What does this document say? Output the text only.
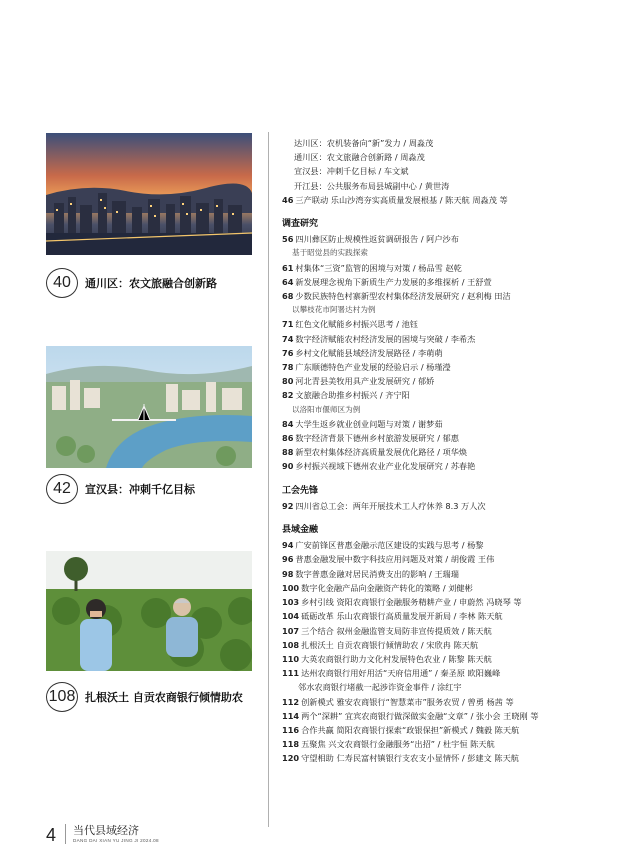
40	通川区：农文旅融合创新路
42	宣汉县：冲刺千亿目标
108 扎根沃土 自贡农商银行倾情助农
达川区：农机装备向“新”发力 / 周淼茂
通川区：农文旅融合创新路 / 周淼茂
宣汉县：冲刺千亿目标 / 车文斌
开江县：公共服务布局县城副中心 / 黄世涛
46 三产联动 乐山沙湾夯实高质量发展根基 / 陈天航 周淼茂 等
调查研究
56 四川彝区防止规模性返贫调研报告 / 阿户沙布
基于昭觉县的实践探索
61 村集体“三资”监管的困境与对策 / 杨品雪 赵乾
64 新发展理念视角下新质生产力发展的多维探析 / 王舒萱
68 少数民族特色村寨新型农村集体经济发展研究 / 赵利梅 田洁
以攀枝花市阿署达村为例
71 红色文化赋能乡村振兴思考 / 池钰
74 数字经济赋能农村经济发展的困境与突破 / 李希杰
76 乡村文化赋能县域经济发展路径 / 李萌萌
78 广东顺德特色产业发展的经验启示 / 杨瑾瀅
80 河北青县美牧用具产业发展研究 / 郁娇
82 文旅融合助推乡村振兴 / 齐宁阳
以洛阳市偃师区为例
84 大学生返乡就业创业问题与对策 / 谢梦茹
86 数字经济背景下德州乡村旅游发展研究 / 郁惠
88 新型农村集体经济高质量发展优化路径 / 项华焕
90 乡村振兴视域下德州农业产业化发展研究 / 苏春艳
工会先锋
92 四川省总工会：两年开展技术工人疗休养 8.3 万人次
县域金融
94 广安前锋区普惠金融示范区建设的实践与思考 / 杨黎
96 普惠金融发展中数字科技应用问题及对策 / 胡俊霞 王伟
98 数字普惠金融对居民消费支出的影响 / 王瑞瑞
100 数字化金融产品向金融资产转化的策略 / 刘健彬
103 乡村引线 资阳农商银行金融服务精耕产业 / 申蔚然 冯晓琴 等
104 砥砺改革 乐山农商银行高质量发展开新局 / 李林 陈天航
107 三个结合 叙州金融监管支局防非宣传提质效 / 陈天航
108 扎根沃土 自贡农商银行倾情助农 / 宋欣冉 陈天航
110 大英农商银行助力文化村发展特色农业 / 陈黎 陈天航
111 达州农商银行用好用活“天府信用通” / 秦圣原 欧阳巍峰
邻水农商银行堵截一起涉诈资金事件 / 涂红宇
112 创新模式 雅安农商银行“智慧菜市”服务农贸 / 曾勇 杨茜 等
114 两个“深耕” 宜宾农商银行做深做实金融“文章” / 张小会 王晓刚 等
116 合作共赢 简阳农商银行探索“政银保担”新模式 / 魏毅 陈天航
118 五聚焦 兴文农商银行金融服务“出招” / 杜宇恒 陈天航
120 守望相助 仁寿民富村镇银行支农支小显情怀 / 彭建文 陈天航
4 当代县域经济
DANG DAI XIAN YU JING JI 2024.08
